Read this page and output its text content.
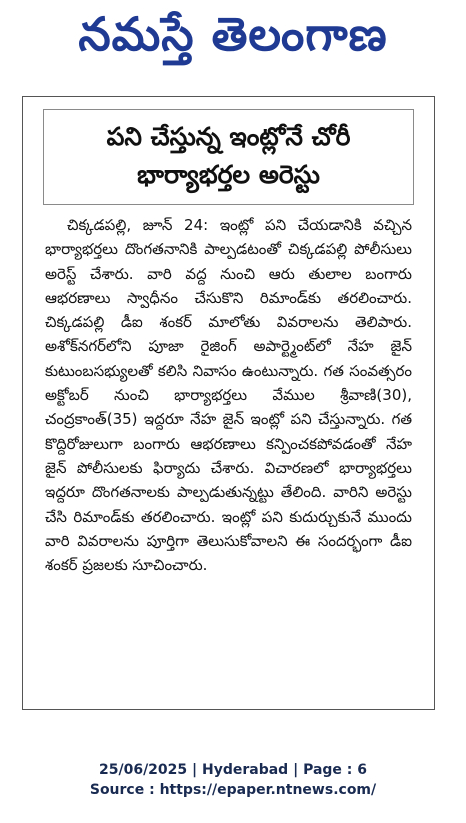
నమస్తే తెలంగాణ
పని చేస్తున్న ఇంట్లోనే చోరీ
భార్యాభర్తల అరెస్టు

చిక్కడపల్లి, జూన్ 24: ఇంట్లో పని చేయడానికి వచ్చిన భార్యాభర్తలు దొంగతనానికి పాల్పడటంతో చిక్కడపల్లి పోలీసులు అరెస్ట్ చేశారు. వారి వద్ద నుంచి ఆరు తులాల బంగారు ఆభరణాలు స్వాధీనం చేసుకొని రిమాండ్‌కు తరలించారు. చిక్కడపల్లి డీఐ శంకర్ మాలోతు వివరాలను తెలిపారు. అశోక్‌నగర్‌లోని పూజా రైజింగ్ అపార్ట్మెంట్‌లో నేహ జైన్ కుటుంబసభ్యులతో కలిసి నివాసం ఉంటున్నారు. గత సంవత్సరం అక్టోబర్ నుంచి భార్యాభర్తలు వేముల శ్రీవాణి(30), చంద్రకాంత్(35) ఇద్దరూ నేహ జైన్ ఇంట్లో పని చేస్తున్నారు. గత కొద్దిరోజులుగా బంగారు ఆభరణాలు కన్పించకపోవడంతో నేహ జైన్ పోలీసులకు ఫిర్యాదు చేశారు. విచారణలో భార్యాభర్తలు ఇద్దరూ దొంగతనాలకు పాల్పడుతున్నట్టు తేలింది. వారిని అరెస్టు చేసి రిమాండ్‌కు తరలించారు. ఇంట్లో పని కుదుర్చుకునే ముందు వారి వివరాలను పూర్తిగా తెలుసుకోవాలని ఈ సందర్భంగా డీఐ శంకర్ ప్రజలకు సూచించారు.

25/06/2025 | Hyderabad | Page : 6
Source : https://epaper.ntnews.com/
